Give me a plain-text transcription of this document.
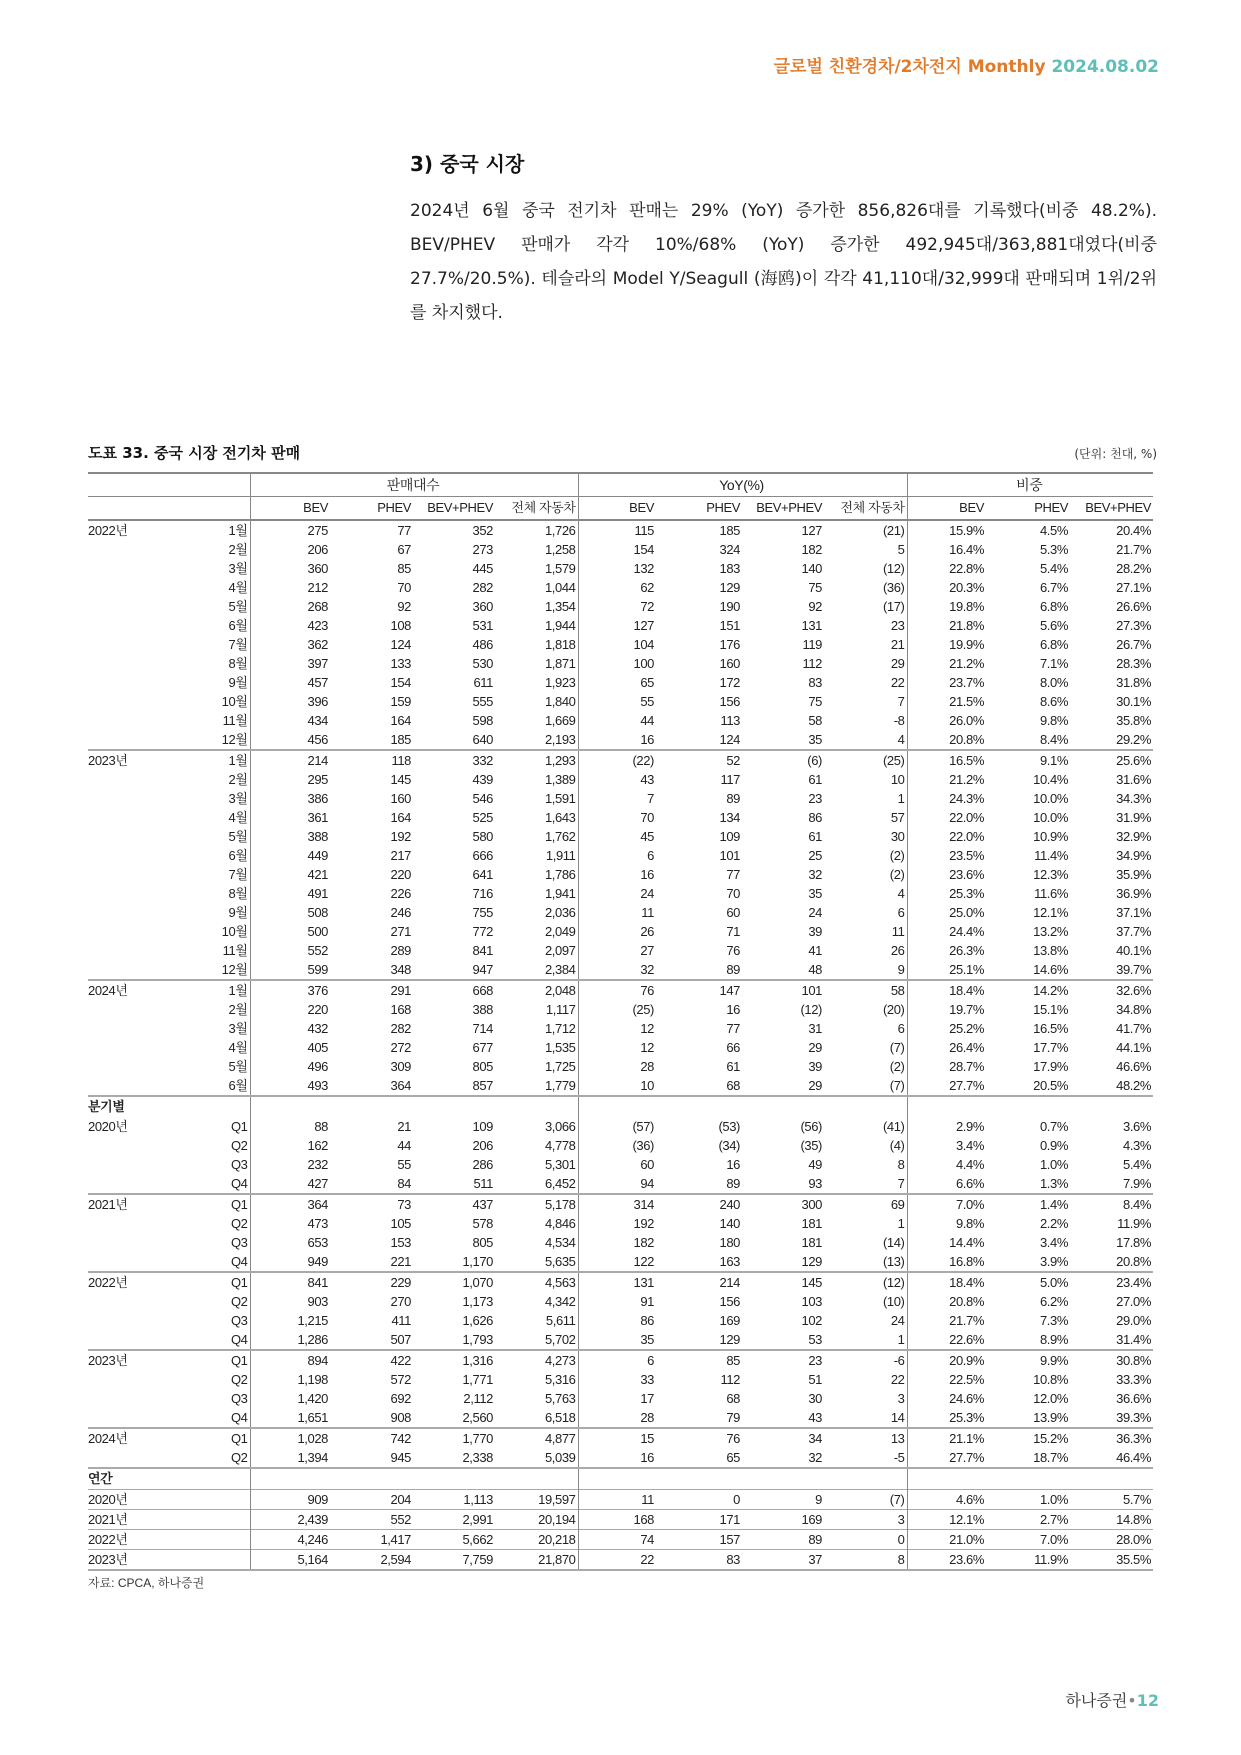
글로벌 친환경차/2차전지 Monthly 2024.08.02
3) 중국 시장
2024년 6월 중국 전기차 판매는 29% (YoY) 증가한 856,826대를 기록했다(비중 48.2%). BEV/PHEV 판매가 각각 10%/68% (YoY) 증가한 492,945대/363,881대였다(비중 27.7%/20.5%). 테슬라의 Model Y/Seagull (海鸥)이 각각 41,110대/32,999대 판매되며 1위/2위를 차지했다.
도표 33. 중국 시장 전기차 판매	(단위: 천대, %)
		판매대수				YoY(%)				비중		
		BEV	PHEV	BEV+PHEV	전체 자동차	BEV	PHEV	BEV+PHEV	전체 자동차	BEV	PHEV	BEV+PHEV
2022년	1월	275	77	352	1,726	115	185	127	(21)	15.9%	4.5%	20.4%
	2월	206	67	273	1,258	154	324	182	5	16.4%	5.3%	21.7%
	3월	360	85	445	1,579	132	183	140	(12)	22.8%	5.4%	28.2%
	4월	212	70	282	1,044	62	129	75	(36)	20.3%	6.7%	27.1%
	5월	268	92	360	1,354	72	190	92	(17)	19.8%	6.8%	26.6%
	6월	423	108	531	1,944	127	151	131	23	21.8%	5.6%	27.3%
	7월	362	124	486	1,818	104	176	119	21	19.9%	6.8%	26.7%
	8월	397	133	530	1,871	100	160	112	29	21.2%	7.1%	28.3%
	9월	457	154	611	1,923	65	172	83	22	23.7%	8.0%	31.8%
	10월	396	159	555	1,840	55	156	75	7	21.5%	8.6%	30.1%
	11월	434	164	598	1,669	44	113	58	-8	26.0%	9.8%	35.8%
	12월	456	185	640	2,193	16	124	35	4	20.8%	8.4%	29.2%
2023년	1월	214	118	332	1,293	(22)	52	(6)	(25)	16.5%	9.1%	25.6%
	2월	295	145	439	1,389	43	117	61	10	21.2%	10.4%	31.6%
	3월	386	160	546	1,591	7	89	23	1	24.3%	10.0%	34.3%
	4월	361	164	525	1,643	70	134	86	57	22.0%	10.0%	31.9%
	5월	388	192	580	1,762	45	109	61	30	22.0%	10.9%	32.9%
	6월	449	217	666	1,911	6	101	25	(2)	23.5%	11.4%	34.9%
	7월	421	220	641	1,786	16	77	32	(2)	23.6%	12.3%	35.9%
	8월	491	226	716	1,941	24	70	35	4	25.3%	11.6%	36.9%
	9월	508	246	755	2,036	11	60	24	6	25.0%	12.1%	37.1%
	10월	500	271	772	2,049	26	71	39	11	24.4%	13.2%	37.7%
	11월	552	289	841	2,097	27	76	41	26	26.3%	13.8%	40.1%
	12월	599	348	947	2,384	32	89	48	9	25.1%	14.6%	39.7%
2024년	1월	376	291	668	2,048	76	147	101	58	18.4%	14.2%	32.6%
	2월	220	168	388	1,117	(25)	16	(12)	(20)	19.7%	15.1%	34.8%
	3월	432	282	714	1,712	12	77	31	6	25.2%	16.5%	41.7%
	4월	405	272	677	1,535	12	66	29	(7)	26.4%	17.7%	44.1%
	5월	496	309	805	1,725	28	61	39	(2)	28.7%	17.9%	46.6%
	6월	493	364	857	1,779	10	68	29	(7)	27.7%	20.5%	48.2%
분기별												
2020년	Q1	88	21	109	3,066	(57)	(53)	(56)	(41)	2.9%	0.7%	3.6%
	Q2	162	44	206	4,778	(36)	(34)	(35)	(4)	3.4%	0.9%	4.3%
	Q3	232	55	286	5,301	60	16	49	8	4.4%	1.0%	5.4%
	Q4	427	84	511	6,452	94	89	93	7	6.6%	1.3%	7.9%
2021년	Q1	364	73	437	5,178	314	240	300	69	7.0%	1.4%	8.4%
	Q2	473	105	578	4,846	192	140	181	1	9.8%	2.2%	11.9%
	Q3	653	153	805	4,534	182	180	181	(14)	14.4%	3.4%	17.8%
	Q4	949	221	1,170	5,635	122	163	129	(13)	16.8%	3.9%	20.8%
2022년	Q1	841	229	1,070	4,563	131	214	145	(12)	18.4%	5.0%	23.4%
	Q2	903	270	1,173	4,342	91	156	103	(10)	20.8%	6.2%	27.0%
	Q3	1,215	411	1,626	5,611	86	169	102	24	21.7%	7.3%	29.0%
	Q4	1,286	507	1,793	5,702	35	129	53	1	22.6%	8.9%	31.4%
2023년	Q1	894	422	1,316	4,273	6	85	23	-6	20.9%	9.9%	30.8%
	Q2	1,198	572	1,771	5,316	33	112	51	22	22.5%	10.8%	33.3%
	Q3	1,420	692	2,112	5,763	17	68	30	3	24.6%	12.0%	36.6%
	Q4	1,651	908	2,560	6,518	28	79	43	14	25.3%	13.9%	39.3%
2024년	Q1	1,028	742	1,770	4,877	15	76	34	13	21.1%	15.2%	36.3%
	Q2	1,394	945	2,338	5,039	16	65	32	-5	27.7%	18.7%	46.4%
연간												
2020년		909	204	1,113	19,597	11	0	9	(7)	4.6%	1.0%	5.7%
2021년		2,439	552	2,991	20,194	168	171	169	3	12.1%	2.7%	14.8%
2022년		4,246	1,417	5,662	20,218	74	157	89	0	21.0%	7.0%	28.0%
2023년		5,164	2,594	7,759	21,870	22	83	37	8	23.6%	11.9%	35.5%
자료: CPCA, 하나증권
하나증권•12
